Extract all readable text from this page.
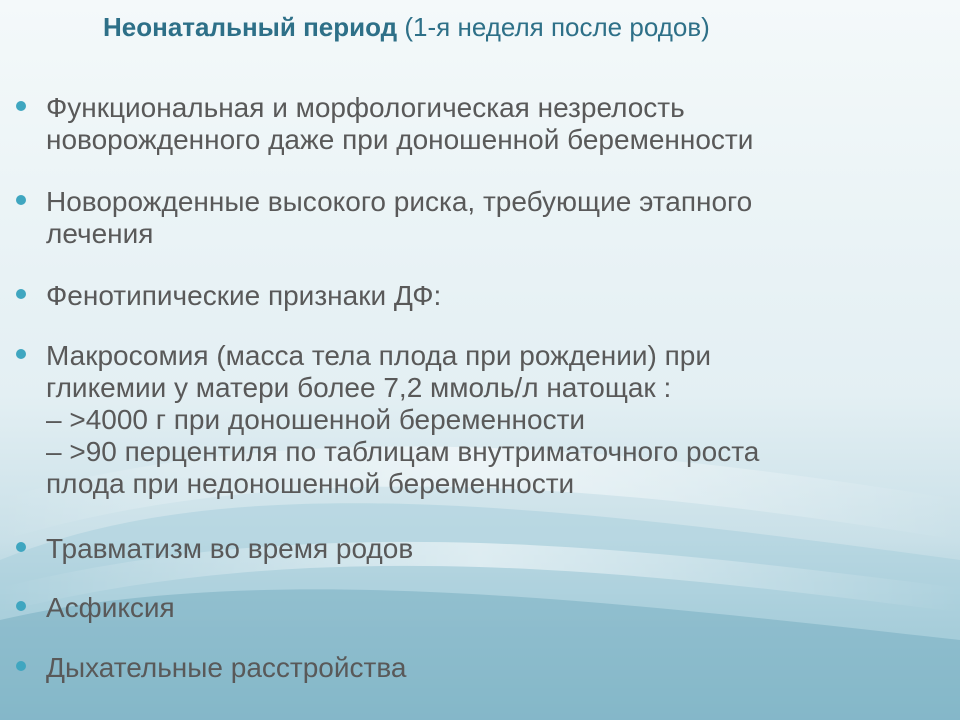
Неонатальный период (1-я неделя после родов)
Функциональная и морфологическая незрелость
новорожденного даже при доношенной беременности
Новорожденные высокого риска, требующие этапного
лечения
Фенотипические признаки ДФ:
Макросомия (масса тела плода при рождении) при
гликемии у матери более 7,2 ммоль/л натощак :
– >4000 г при доношенной беременности
– >90 перцентиля по таблицам внутриматочного роста
плода при недоношенной беременности
Травматизм во время родов
Асфиксия
Дыхательные расстройства
